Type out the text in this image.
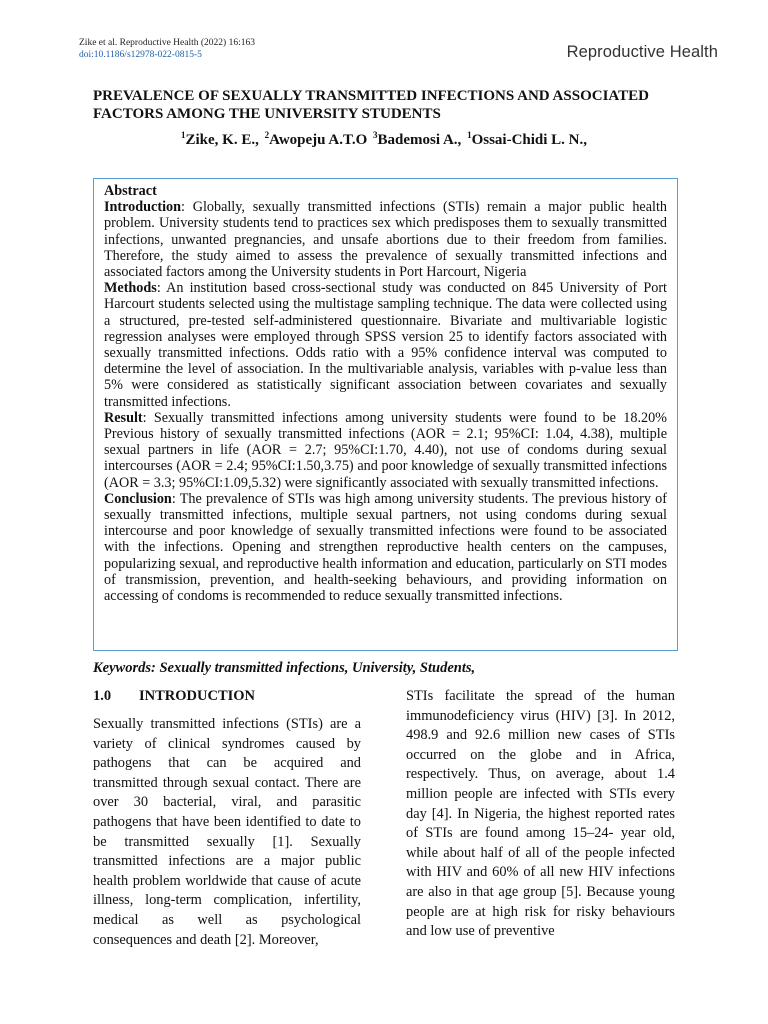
Zike et al. Reproductive Health (2022) 16:163
doi:10.1186/s12978-022-0815-5	Reproductive Health
PREVALENCE OF SEXUALLY TRANSMITTED INFECTIONS AND ASSOCIATED FACTORS AMONG THE UNIVERSITY STUDENTS
$^1$Zike, K. E., $^2$Awopeju A.T.O $^3$Bademosi A., $^1$Ossai-Chidi L. N.,

Abstract

Introduction: Globally, sexually transmitted infections (STIs) remain a major public health problem. University students tend to practices sex which predisposes them to sexually transmitted infections, unwanted pregnancies, and unsafe abortions due to their freedom from families. Therefore, the study aimed to assess the prevalence of sexually transmitted infections and associated factors among the University students in Port Harcourt, Nigeria

Methods: An institution based cross-sectional study was conducted on 845 University of Port Harcourt students selected using the multistage sampling technique. The data were collected using a structured, pre-tested self-administered questionnaire. Bivariate and multivariable logistic regression analyses were employed through SPSS version 25 to identify factors associated with sexually transmitted infections. Odds ratio with a 95% confidence interval was computed to determine the level of association. In the multivariable analysis, variables with p-value less than 5% were considered as statistically significant association between covariates and sexually transmitted infections.

Result: Sexually transmitted infections among university students were found to be 18.20% Previous history of sexually transmitted infections (AOR = 2.1; 95%CI: 1.04, 4.38), multiple sexual partners in life (AOR = 2.7; 95%CI:1.70, 4.40), not use of condoms during sexual intercourses (AOR = 2.4; 95%CI:1.50,3.75) and poor knowledge of sexually transmitted infections (AOR = 3.3; 95%CI:1.09,5.32) were significantly associated with sexually transmitted infections.

Conclusion: The prevalence of STIs was high among university students. The previous history of sexually transmitted infections, multiple sexual partners, not using condoms during sexual intercourse and poor knowledge of sexually transmitted infections were found to be associated with the infections. Opening and strengthen reproductive health centers on the campuses, popularizing sexual, and reproductive health information and education, particularly on STI modes of transmission, prevention, and health-seeking behaviours, and providing information on accessing of condoms is recommended to reduce sexually transmitted infections.

Keywords: Sexually transmitted infections, University, Students,
1.0 INTRODUCTION

Sexually transmitted infections (STIs) are a variety of clinical syndromes caused by pathogens that can be acquired and transmitted through sexual contact. There are over 30 bacterial, viral, and parasitic pathogens that have been identified to date to be transmitted sexually [1]. Sexually transmitted infections are a major public health problem worldwide that cause of acute illness, long-term complication, infertility, medical as well as psychological consequences and death [2]. Moreover,

STIs facilitate the spread of the human immunodeficiency virus (HIV) [3]. In 2012, 498.9 and 92.6 million new cases of STIs occurred on the globe and in Africa, respectively. Thus, on average, about 1.4 million people are infected with STIs every day [4]. In Nigeria, the highest reported rates of STIs are found among 15–24- year old, while about half of all of the people infected with HIV and 60% of all new HIV infections are also in that age group [5]. Because young people are at high risk for risky behaviours and low use of preventive
